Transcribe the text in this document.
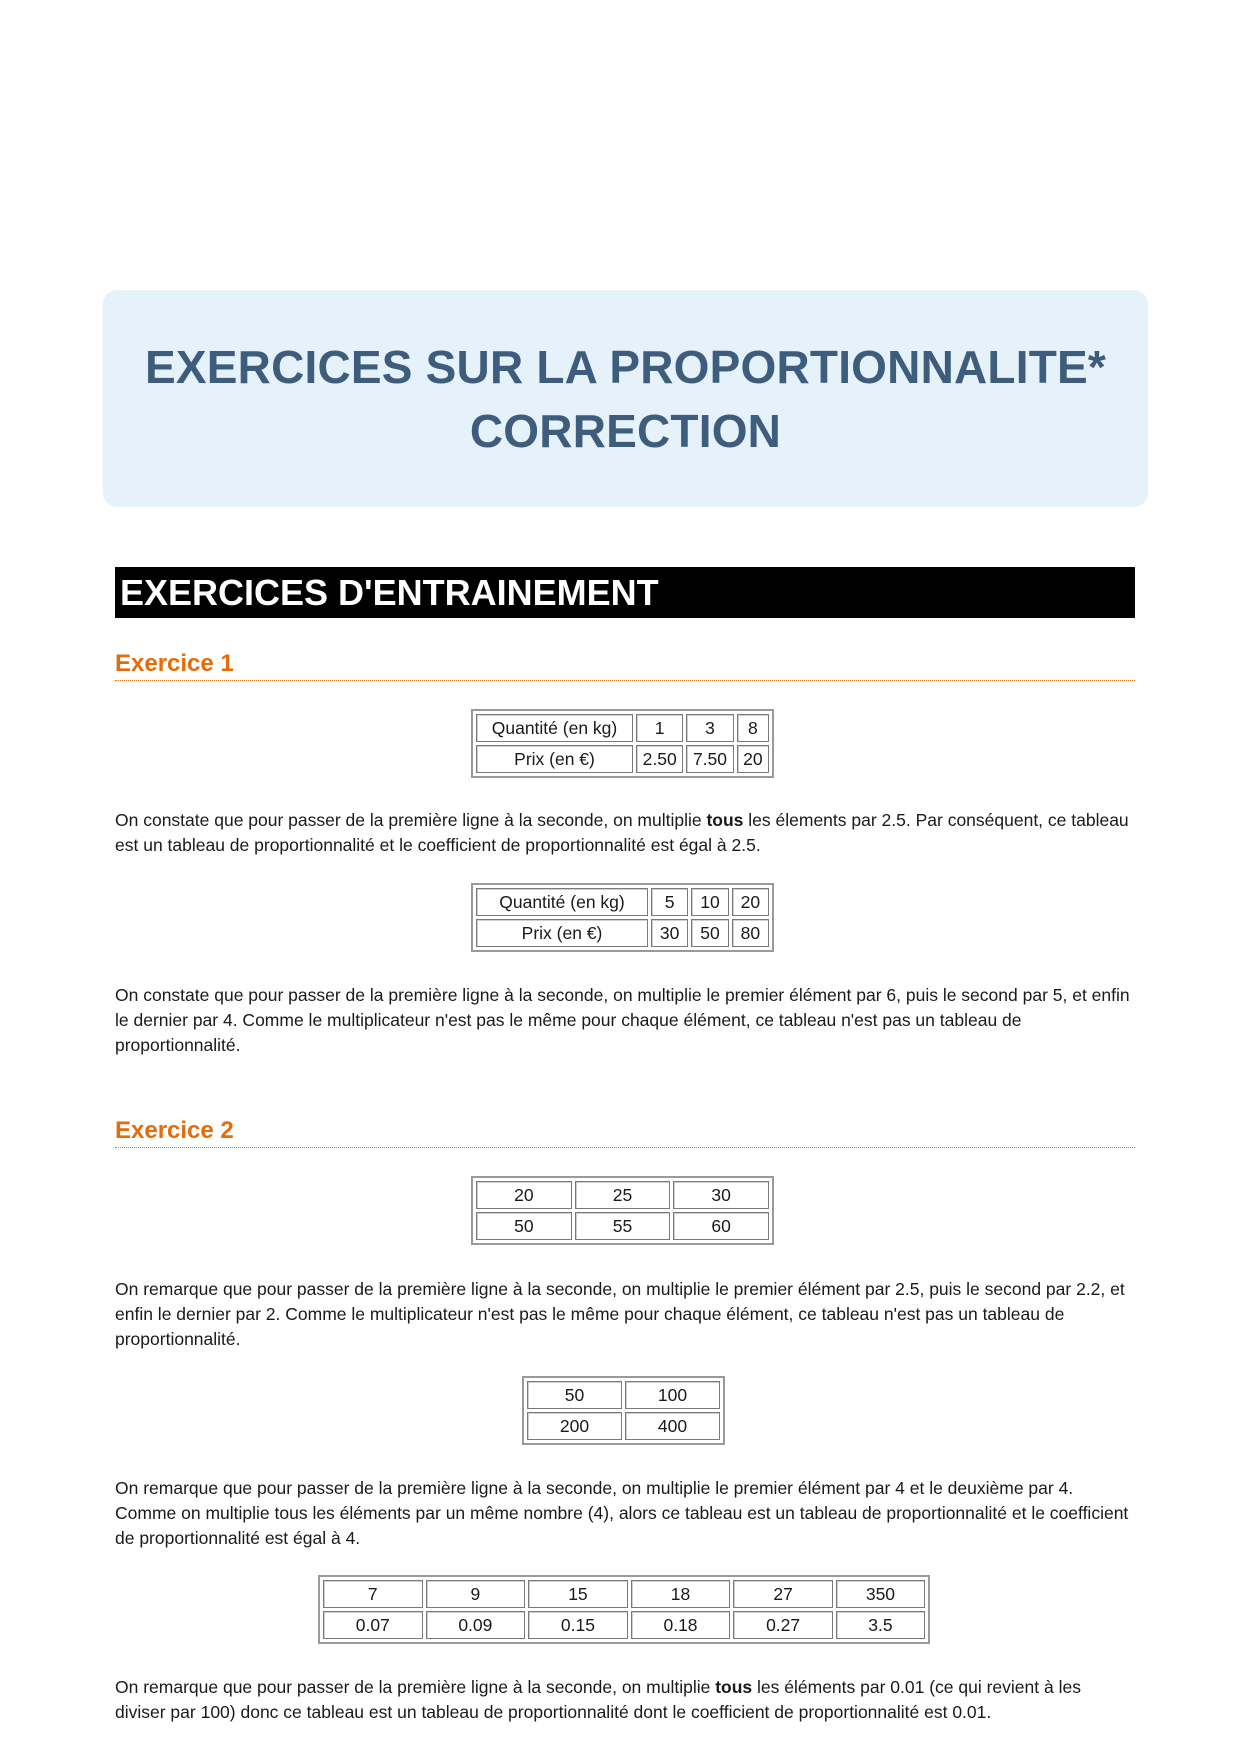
EXERCICES SUR LA PROPORTIONNALITE*
CORRECTION
EXERCICES D'ENTRAINEMENT
Exercice 1
Quantité (en kg)	1	3	8
Prix (en €)	2.50	7.50	20
On constate que pour passer de la première ligne à la seconde, on multiplie tous les élements par 2.5. Par conséquent, ce tableau est un tableau de proportionnalité et le coefficient de proportionnalité est égal à 2.5.
Quantité (en kg)	5	10	20
Prix (en €)	30	50	80
On constate que pour passer de la première ligne à la seconde, on multiplie le premier élément par 6, puis le second par 5, et enfin le dernier par 4. Comme le multiplicateur n'est pas le même pour chaque élément, ce tableau n'est pas un tableau de proportionnalité.
Exercice 2
20	25	30
50	55	60
On remarque que pour passer de la première ligne à la seconde, on multiplie le premier élément par 2.5, puis le second par 2.2, et enfin le dernier par 2. Comme le multiplicateur n'est pas le même pour chaque élément, ce tableau n'est pas un tableau de proportionnalité.
50	100
200	400
On remarque que pour passer de la première ligne à la seconde, on multiplie le premier élément par 4 et le deuxième par 4. Comme on multiplie tous les éléments par un même nombre (4), alors ce tableau est un tableau de proportionnalité et le coefficient de proportionnalité est égal à 4.
7	9	15	18	27	350
0.07	0.09	0.15	0.18	0.27	3.5
On remarque que pour passer de la première ligne à la seconde, on multiplie tous les éléments par 0.01 (ce qui revient à les diviser par 100) donc ce tableau est un tableau de proportionnalité dont le coefficient de proportionnalité est 0.01.
